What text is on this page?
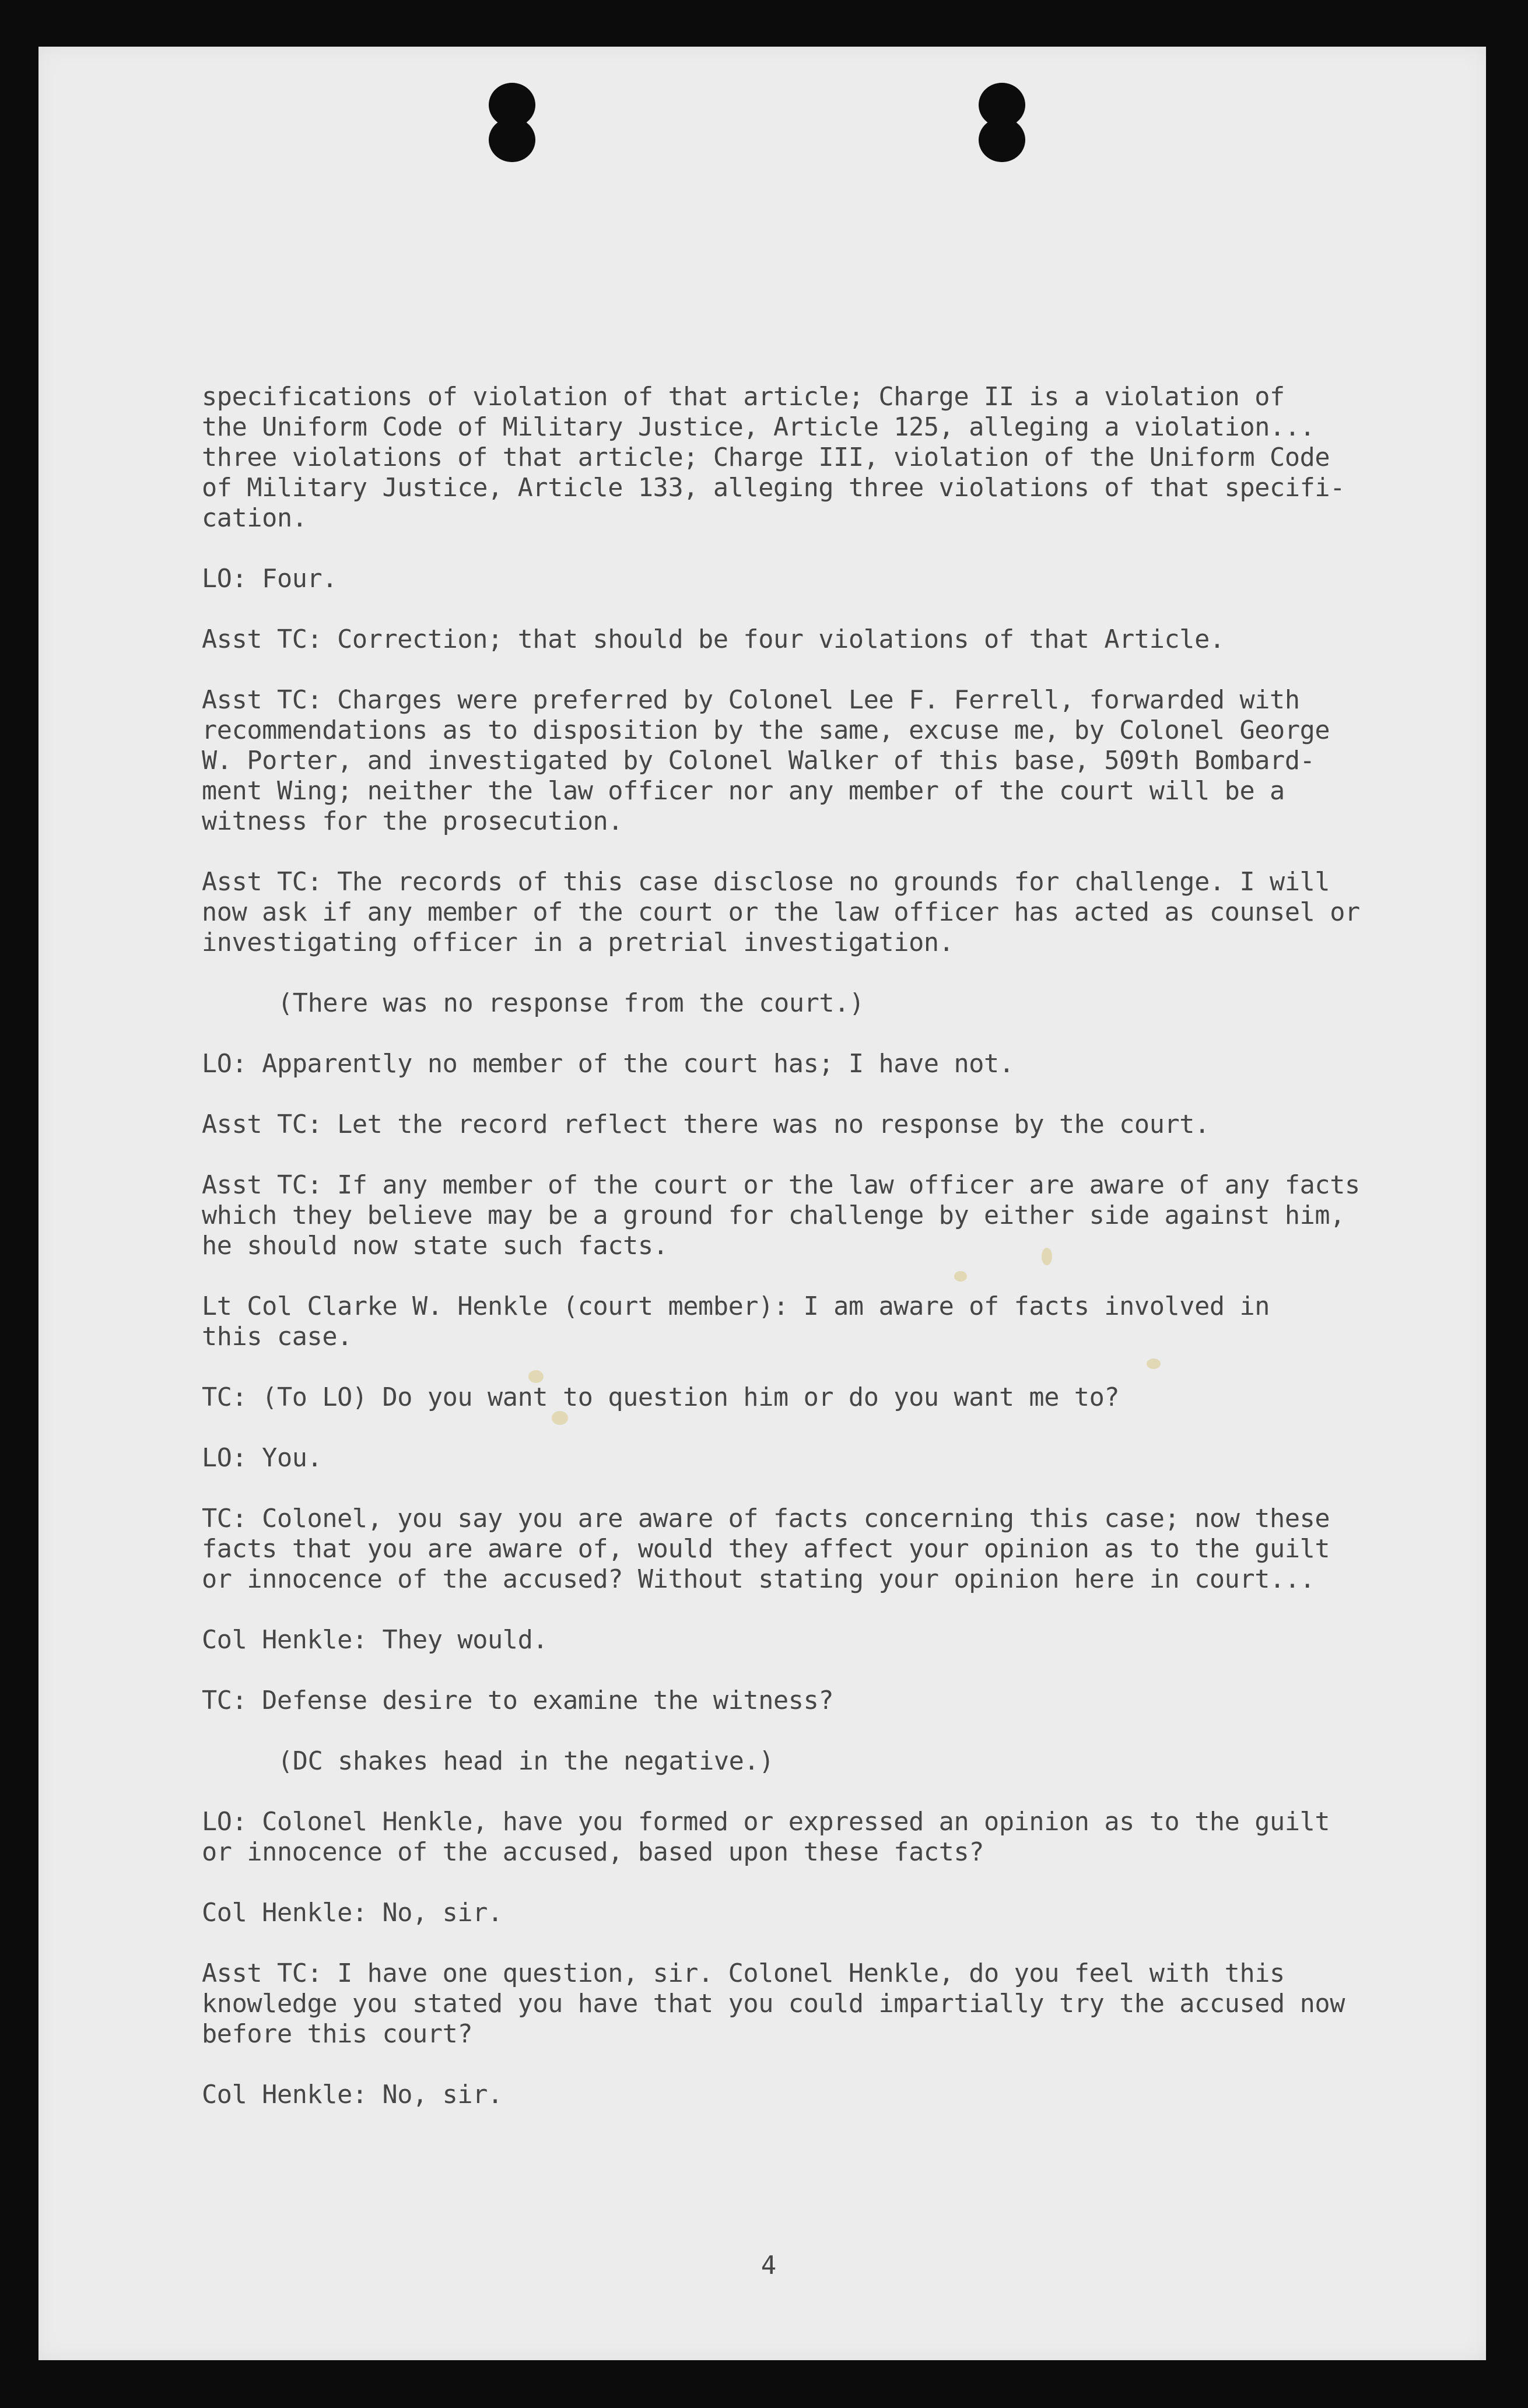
specifications of violation of that article; Charge II is a violation of
the Uniform Code of Military Justice, Article 125, alleging a violation...
three violations of that article; Charge III, violation of the Uniform Code
of Military Justice, Article 133, alleging three violations of that specifi-
cation.
LO: Four.
Asst TC: Correction; that should be four violations of that Article.
Asst TC: Charges were preferred by Colonel Lee F. Ferrell, forwarded with
recommendations as to disposition by the same, excuse me, by Colonel George
W. Porter, and investigated by Colonel Walker of this base, 509th Bombard-
ment Wing; neither the law officer nor any member of the court will be a
witness for the prosecution.
Asst TC: The records of this case disclose no grounds for challenge. I will
now ask if any member of the court or the law officer has acted as counsel or
investigating officer in a pretrial investigation.
(There was no response from the court.)
LO: Apparently no member of the court has; I have not.
Asst TC: Let the record reflect there was no response by the court.
Asst TC: If any member of the court or the law officer are aware of any facts
which they believe may be a ground for challenge by either side against him,
he should now state such facts.
Lt Col Clarke W. Henkle (court member): I am aware of facts involved in
this case.
TC: (To LO) Do you want to question him or do you want me to?
LO: You.
TC: Colonel, you say you are aware of facts concerning this case; now these
facts that you are aware of, would they affect your opinion as to the guilt
or innocence of the accused? Without stating your opinion here in court...
Col Henkle: They would.
TC: Defense desire to examine the witness?
(DC shakes head in the negative.)
LO: Colonel Henkle, have you formed or expressed an opinion as to the guilt
or innocence of the accused, based upon these facts?
Col Henkle: No, sir.
Asst TC: I have one question, sir. Colonel Henkle, do you feel with this
knowledge you stated you have that you could impartially try the accused now
before this court?
Col Henkle: No, sir.
4
